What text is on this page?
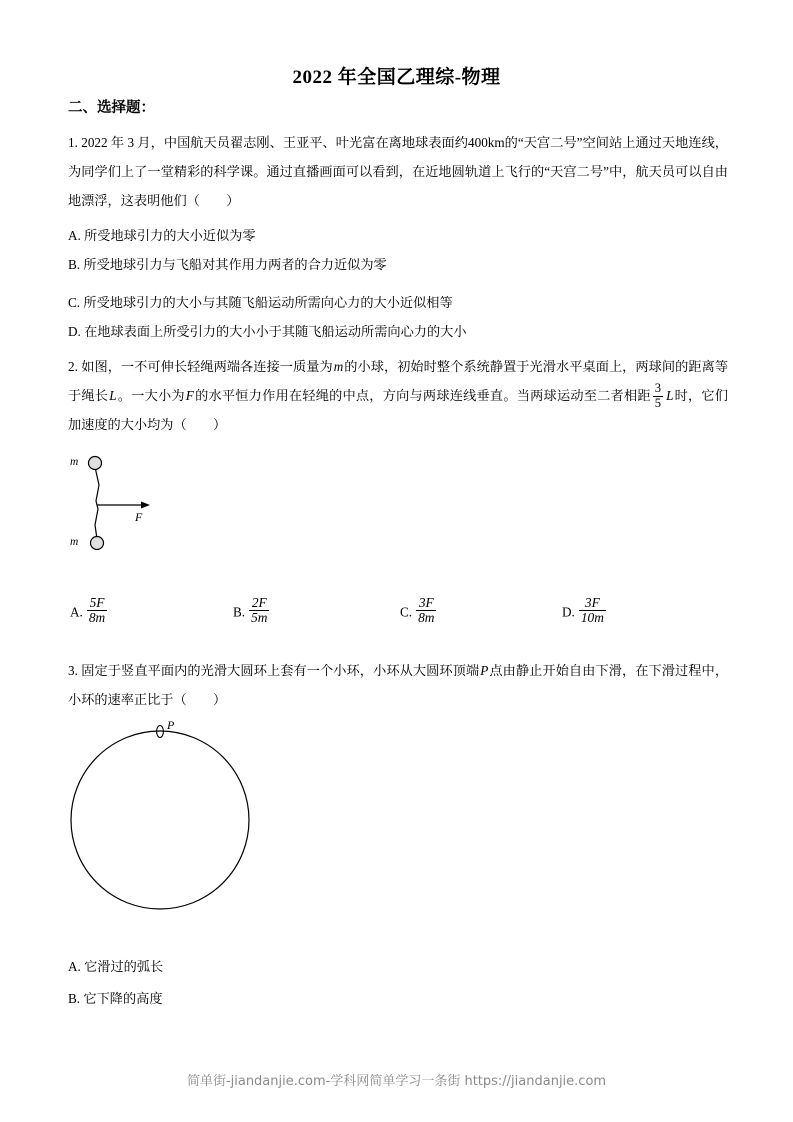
2022 年全国乙理综-物理
二、选择题：
1. 2022 年 3 月，中国航天员翟志刚、王亚平、叶光富在离地球表面约400km的“天宫二号”空间站上通过天地连线，为同学们上了一堂精彩的科学课。通过直播画面可以看到，在近地圆轨道上飞行的“天宫二号”中，航天员可以自由地漂浮，这表明他们（　　）
A. 所受地球引力的大小近似为零
B. 所受地球引力与飞船对其作用力两者的合力近似为零
C. 所受地球引力的大小与其随飞船运动所需向心力的大小近似相等
D. 在地球表面上所受引力的大小小于其随飞船运动所需向心力的大小
2. 如图，一不可伸长轻绳两端各连接一质量为m的小球，初始时整个系统静置于光滑水平桌面上，两球间的距离等于绳长L。一大小为F的水平恒力作用在轻绳的中点，方向与两球连线垂直。当两球运动至二者相距 $\frac{3}{5}$ L时，它们加速度的大小均为（　　）
m
m
F
A. $\frac{5F}{8m}$	B. $\frac{2F}{5m}$	C. $\frac{3F}{8m}$	D. $\frac{3F}{10m}$
3. 固定于竖直平面内的光滑大圆环上套有一个小环，小环从大圆环顶端P点由静止开始自由下滑，在下滑过程中，小环的速率正比于（　　）
P
A. 它滑过的弧长
B. 它下降的高度
简单街-jiandanjie.com-学科网简单学习一条街 https://jiandanjie.com
